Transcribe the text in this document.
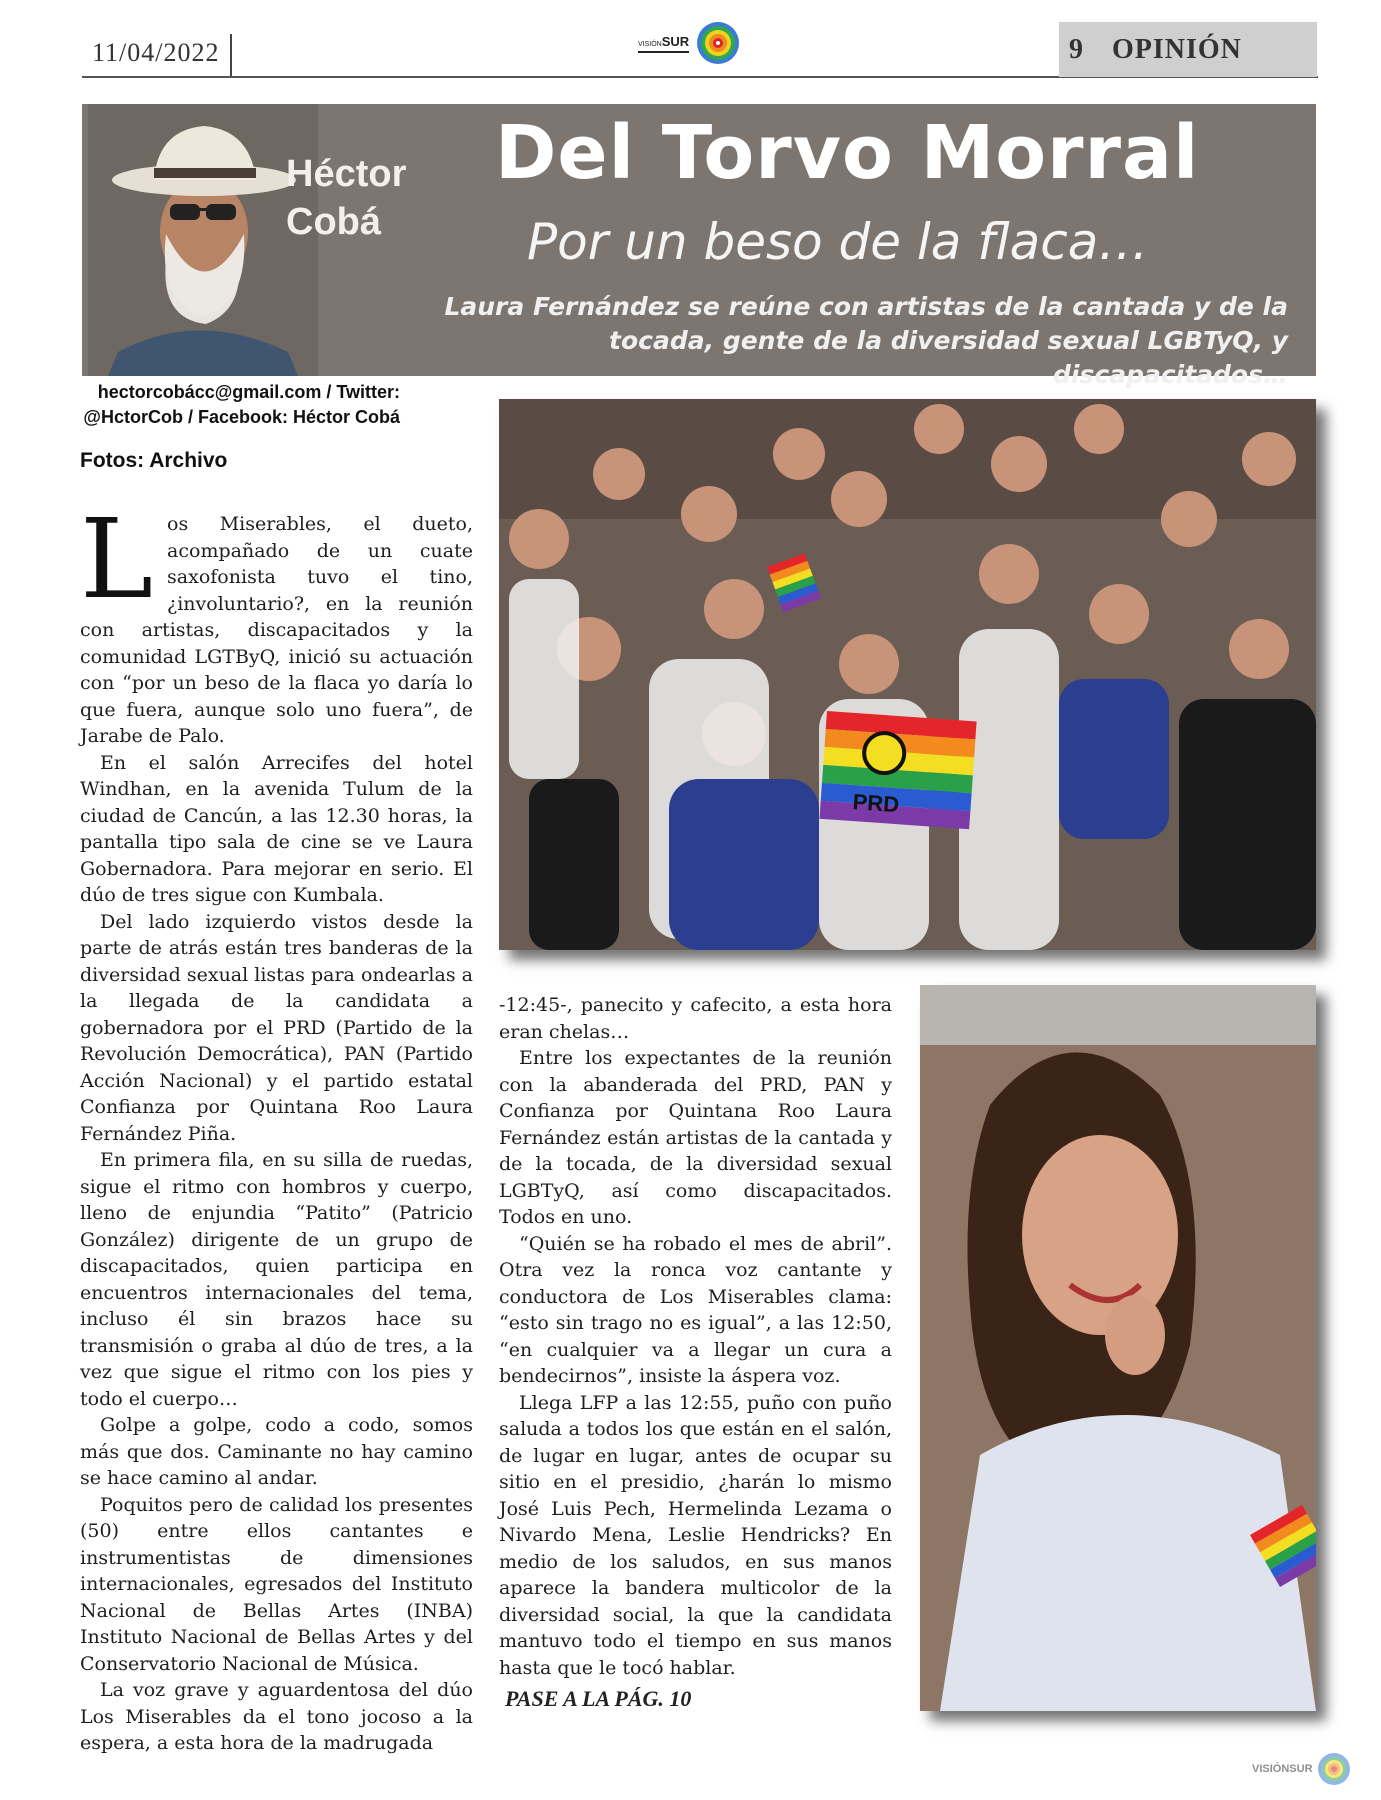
11/04/2022	VISIÓNSUR	9 OPINIÓN
Héctor
Cobá
Del Torvo Morral
Por un beso de la flaca…
Laura Fernández se reúne con artistas de la cantada y de la
tocada, gente de la diversidad sexual LGBTyQ, y discapacitados…
hectorcobácc@gmail.com / Twitter:
@HctorCob / Facebook: Héctor Cobá
Fotos: Archivo
L os Miserables, el dueto, acompañado de un cuate saxofonista tuvo el tino, ¿involuntario?, en la reunión con artistas, discapacitados y la comunidad LGTByQ, inició su actuación con “por un beso de la flaca yo daría lo que fuera, aunque solo uno fuera”, de Jarabe de Palo.

En el salón Arrecifes del hotel Windhan, en la avenida Tulum de la ciudad de Cancún, a las 12.30 horas, la pantalla tipo sala de cine se ve Laura Gobernadora. Para mejorar en serio. El dúo de tres sigue con Kumbala.

Del lado izquierdo vistos desde la parte de atrás están tres banderas de la diversidad sexual listas para ondearlas a la llegada de la candidata a gobernadora por el PRD (Partido de la Revolución Democrática), PAN (Partido Acción Nacional) y el partido estatal Confianza por Quintana Roo Laura Fernández Piña.

En primera fila, en su silla de ruedas, sigue el ritmo con hombros y cuerpo, lleno de enjundia “Patito” (Patricio González) dirigente de un grupo de discapacitados, quien participa en encuentros internacionales del tema, incluso él sin brazos hace su transmisión o graba al dúo de tres, a la vez que sigue el ritmo con los pies y todo el cuerpo…

Golpe a golpe, codo a codo, somos más que dos. Caminante no hay camino se hace camino al andar.

Poquitos pero de calidad los presentes (50) entre ellos cantantes e instrumentistas de dimensiones internacionales, egresados del Instituto Nacional de Bellas Artes (INBA) Instituto Nacional de Bellas Artes y del Conservatorio Nacional de Música.

La voz grave y aguardentosa del dúo Los Miserables da el tono jocoso a la espera, a esta hora de la madrugada

PRD

-12:45-, panecito y cafecito, a esta hora eran chelas…

Entre los expectantes de la reunión con la abanderada del PRD, PAN y Confianza por Quintana Roo Laura Fernández están artistas de la cantada y de la tocada, de la diversidad sexual LGBTyQ, así como discapacitados. Todos en uno.

“Quién se ha robado el mes de abril”. Otra vez la ronca voz cantante y conductora de Los Miserables clama: “esto sin trago no es igual”, a las 12:50, “en cualquier va a llegar un cura a bendecirnos”, insiste la áspera voz.

Llega LFP a las 12:55, puño con puño saluda a todos los que están en el salón, de lugar en lugar, antes de ocupar su sitio en el presidio, ¿harán lo mismo José Luis Pech, Hermelinda Lezama o Nivardo Mena, Leslie Hendricks? En medio de los saludos, en sus manos aparece la bandera multicolor de la diversidad social, la que la candidata mantuvo todo el tiempo en sus manos hasta que le tocó hablar.

PASE A LA PÁG. 10
VISIÓNSUR
